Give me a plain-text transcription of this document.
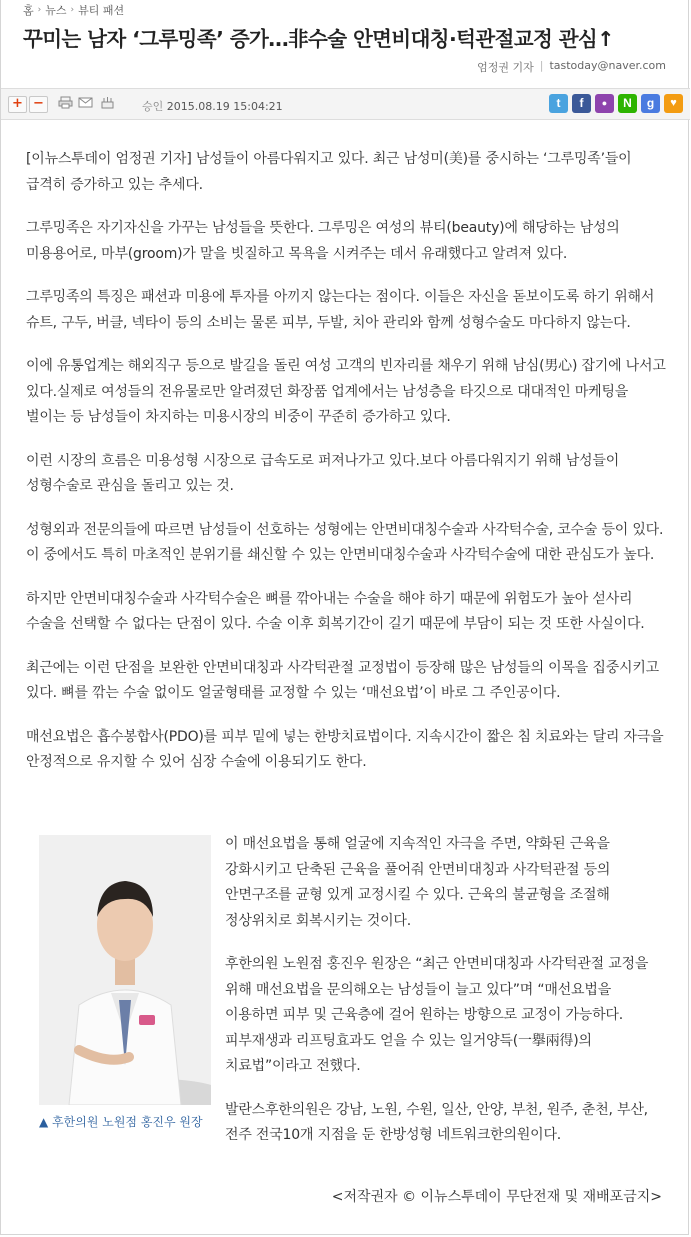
홈 › 뉴스 › 뷰티 패션
꾸미는 남자 ‘그루밍족’ 증가…非수술 안면비대칭·턱관절교정 관심↑
엄정권 기자 | tastoday@naver.com
+ −	승인 2015.08.19 15:04:21	t	f	●	N	g	♥

[이뉴스투데이 엄정권 기자] 남성들이 아름다워지고 있다. 최근 남성미(美)를 중시하는 ‘그루밍족’들이 급격히 증가하고 있는 추세다.

그루밍족은 자기자신을 가꾸는 남성들을 뜻한다. 그루밍은 여성의 뷰티(beauty)에 해당하는 남성의 미용용어로, 마부(groom)가 말을 빗질하고 목욕을 시켜주는 데서 유래했다고 알려져 있다.

그루밍족의 특징은 패션과 미용에 투자를 아끼지 않는다는 점이다. 이들은 자신을 돋보이도록 하기 위해서 슈트, 구두, 버클, 넥타이 등의 소비는 물론 피부, 두발, 치아 관리와 함께 성형수술도 마다하지 않는다.

이에 유통업계는 해외직구 등으로 발길을 돌린 여성 고객의 빈자리를 채우기 위해 남심(男心) 잡기에 나서고 있다.실제로 여성들의 전유물로만 알려졌던 화장품 업계에서는 남성층을 타깃으로 대대적인 마케팅을 벌이는 등 남성들이 차지하는 미용시장의 비중이 꾸준히 증가하고 있다.

이런 시장의 흐름은 미용성형 시장으로 급속도로 퍼져나가고 있다.보다 아름다워지기 위해 남성들이 성형수술로 관심을 돌리고 있는 것.

성형외과 전문의들에 따르면 남성들이 선호하는 성형에는 안면비대칭수술과 사각턱수술, 코수술 등이 있다. 이 중에서도 특히 마초적인 분위기를 쇄신할 수 있는 안면비대칭수술과 사각턱수술에 대한 관심도가 높다.

하지만 안면비대칭수술과 사각턱수술은 뼈를 깎아내는 수술을 해야 하기 때문에 위험도가 높아 섣사리 수술을 선택할 수 없다는 단점이 있다. 수술 이후 회복기간이 길기 때문에 부담이 되는 것 또한 사실이다.

최근에는 이런 단점을 보완한 안면비대칭과 사각턱관절 교정법이 등장해 많은 남성들의 이목을 집중시키고 있다. 뼈를 깎는 수술 없이도 얼굴형태를 교정할 수 있는 ‘매선요법’이 바로 그 주인공이다.

매선요법은 흡수봉합사(PDO)를 피부 밑에 넣는 한방치료법이다. 지속시간이 짧은 침 치료와는 달리 자극을 안정적으로 유지할 수 있어 심장 수술에 이용되기도 한다.

▲ 후한의원 노원점 홍진우 원장

이 매선요법을 통해 얼굴에 지속적인 자극을 주면, 약화된 근육을 강화시키고 단축된 근육을 풀어줘 안면비대칭과 사각턱관절 등의 안면구조를 균형 있게 교정시킬 수 있다. 근육의 불균형을 조절해 정상위치로 회복시키는 것이다.

후한의원 노원점 홍진우 원장은 “최근 안면비대칭과 사각턱관절 교정을 위해 매선요법을 문의해오는 남성들이 늘고 있다”며 “매선요법을 이용하면 피부 및 근육층에 걸어 원하는 방향으로 교정이 가능하다. 피부재생과 리프팅효과도 얻을 수 있는 일거양득(一擧兩得)의 치료법”이라고 전했다.

발란스후한의원은 강남, 노원, 수원, 일산, 안양, 부천, 원주, 춘천, 부산, 전주 전국10개 지점을 둔 한방성형 네트워크한의원이다.

<저작권자 © 이뉴스투데이 무단전재 및 재배포금지>
